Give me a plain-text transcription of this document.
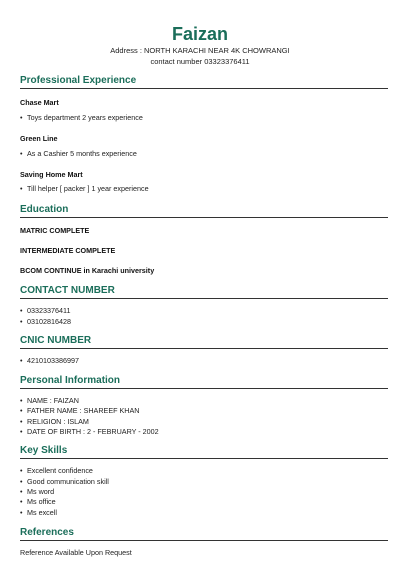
Faizan
Address : NORTH KARACHI NEAR 4K CHOWRANGI
contact number 03323376411
Professional Experience
Chase Mart
• Toys department 2 years experience
Green Line
• As a Cashier 5 months experience
Saving Home Mart
• Till helper [ packer ] 1 year experience
Education
MATRIC COMPLETE
INTERMEDIATE COMPLETE
BCOM CONTINUE in Karachi university
CONTACT NUMBER
• 03323376411
• 03102816428
CNIC NUMBER
• 4210103386997
Personal Information
• NAME : FAIZAN
• FATHER NAME : SHAREEF KHAN
• RELIGION : ISLAM
• DATE OF BIRTH : 2 - FEBRUARY - 2002
Key Skills
• Excellent confidence
• Good communication skill
• Ms word
• Ms office
• Ms excell
References
Reference Available Upon Request
